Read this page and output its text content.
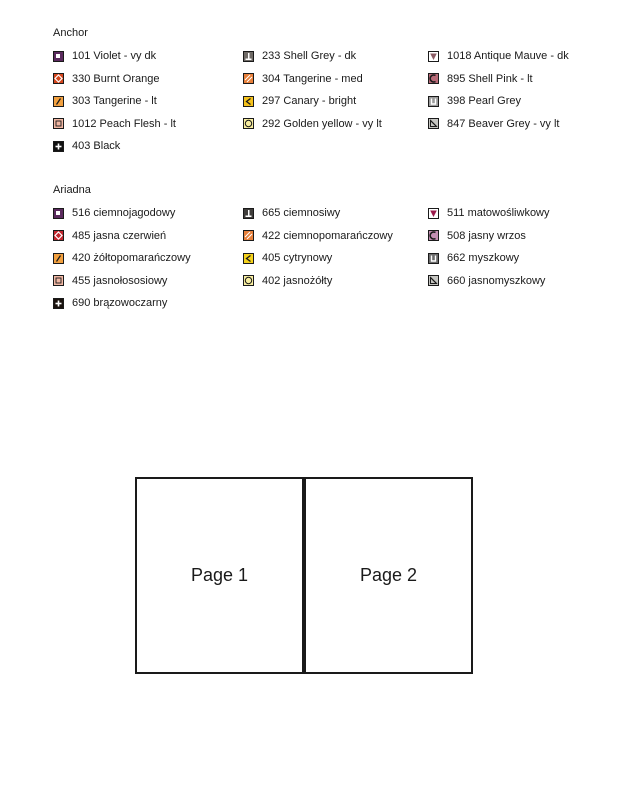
Anchor
101 Violet - vy dk	233 Shell Grey - dk	1018 Antique Mauve - dk
330 Burnt Orange	304 Tangerine - med	895 Shell Pink - lt
303 Tangerine - lt	297 Canary - bright	398 Pearl Grey
1012 Peach Flesh - lt	292 Golden yellow - vy lt	847 Beaver Grey - vy lt
403 Black
Ariadna
516 ciemnojagodowy	665 ciemnosiwy	511 matowośliwkowy
485 jasna czerwień	422 ciemnopomarańczowy	508 jasny wrzos
420 żółtopomarańczowy	405 cytrynowy	662 myszkowy
455 jasnołososiowy	402 jasnożółty	660 jasnomyszkowy
690 brązowoczarny
Page 1	Page 2
